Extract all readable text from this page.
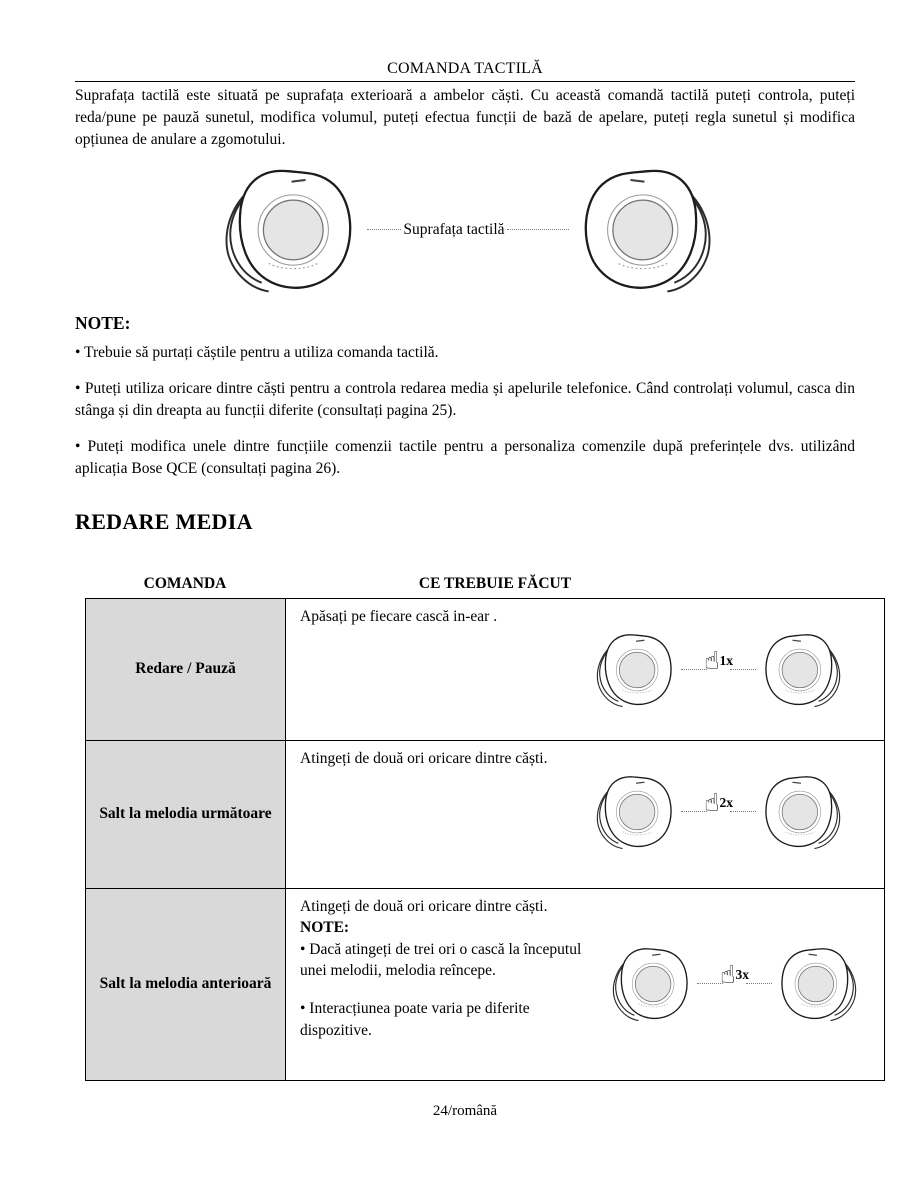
COMANDA TACTILĂ

Suprafața tactilă este situată pe suprafața exterioară a ambelor căști. Cu această comandă tactilă puteți controla, puteți reda/pune pe pauză sunetul, modifica volumul, puteți efectua funcții de bază de apelare, puteți regla sunetul și modifica opțiunea de anulare a zgomotului.

Suprafața tactilă
NOTE:

• Trebuie să purtați căștile pentru a utiliza comanda tactilă.

• Puteți utiliza oricare dintre căști pentru a controla redarea media și apelurile telefonice. Când controlați volumul, casca din stânga și din dreapta au funcții diferite (consultați pagina 25).

• Puteți modifica unele dintre funcțiile comenzii tactile pentru a personaliza comenzile după preferințele dvs. utilizând aplicația Bose QCE (consultați pagina 26).

REDARE MEDIA
COMANDA	CE TREBUIE FĂCUT
Redare / Pauză
Apăsați pe fiecare cască in-ear .
☝ 1x
Salt la melodia următoare
Atingeți de două ori oricare dintre căști.
☝ 2x
Salt la melodia anterioară
Atingeți de două ori oricare dintre căști.
NOTE:
• Dacă atingeți de trei ori o cască la începutul unei melodii, melodia reîncepe.
• Interacțiunea poate varia pe diferite dispozitive.
☝ 3x
24/română
